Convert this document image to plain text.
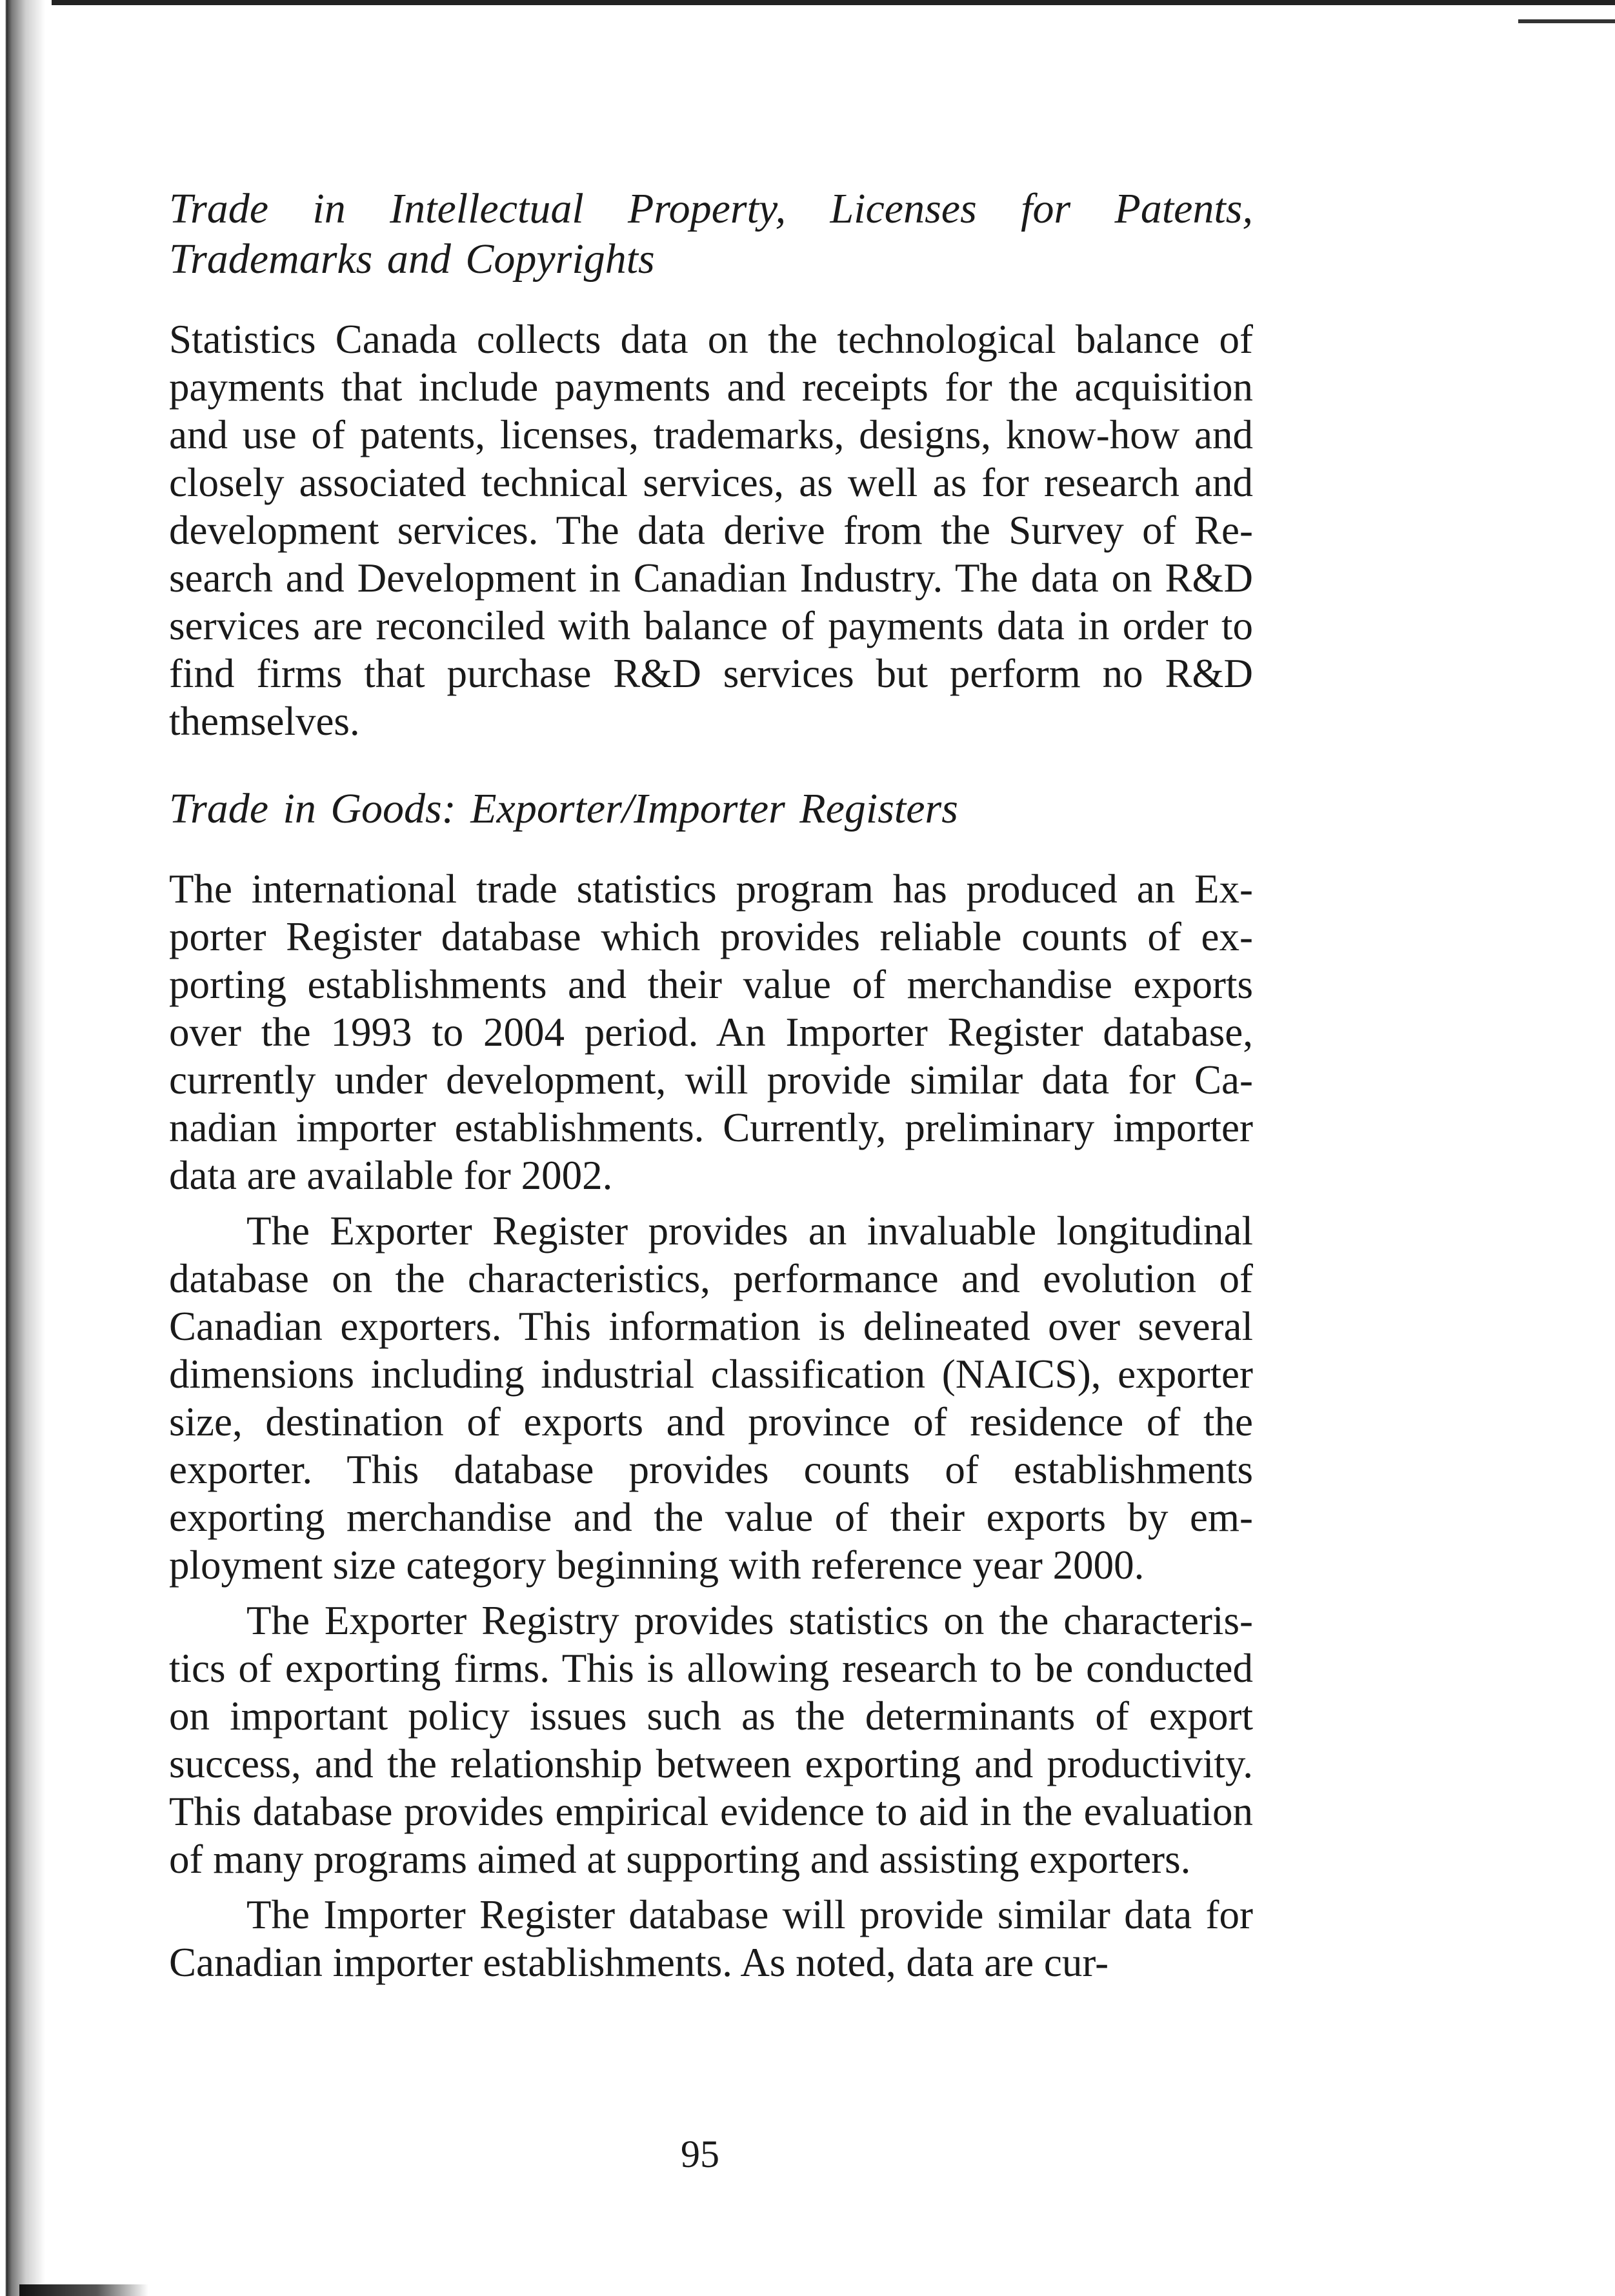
Trade in Intellectual Property, Licenses for Patents, Trademarks and Copyrights

Statistics Canada collects data on the technological balance of payments that include payments and receipts for the acquisition and use of patents, licenses, trademarks, designs, know-how and closely associated technical services, as well as for research and development services. The data derive from the Survey of Research and Development in Canadian Industry. The data on R&D services are reconciled with balance of payments data in order to find firms that purchase R&D services but perform no R&D themselves.

Trade in Goods: Exporter/Importer Registers

The international trade statistics program has produced an Exporter Register database which provides reliable counts of exporting establishments and their value of merchandise exports over the 1993 to 2004 period. An Importer Register database, currently under development, will provide similar data for Canadian importer establishments. Currently, preliminary importer data are available for 2002.

The Exporter Register provides an invaluable longitudinal database on the characteristics, performance and evolution of Canadian exporters. This information is delineated over several dimensions including industrial classification (NAICS), exporter size, destination of exports and province of residence of the exporter. This database provides counts of establishments exporting merchandise and the value of their exports by employment size category beginning with reference year 2000.

The Exporter Registry provides statistics on the characteristics of exporting firms. This is allowing research to be conducted on important policy issues such as the determinants of export success, and the relationship between exporting and productivity. This database provides empirical evidence to aid in the evaluation of many programs aimed at supporting and assisting exporters.

The Importer Register database will provide similar data for Canadian importer establishments. As noted, data are cur-

95
